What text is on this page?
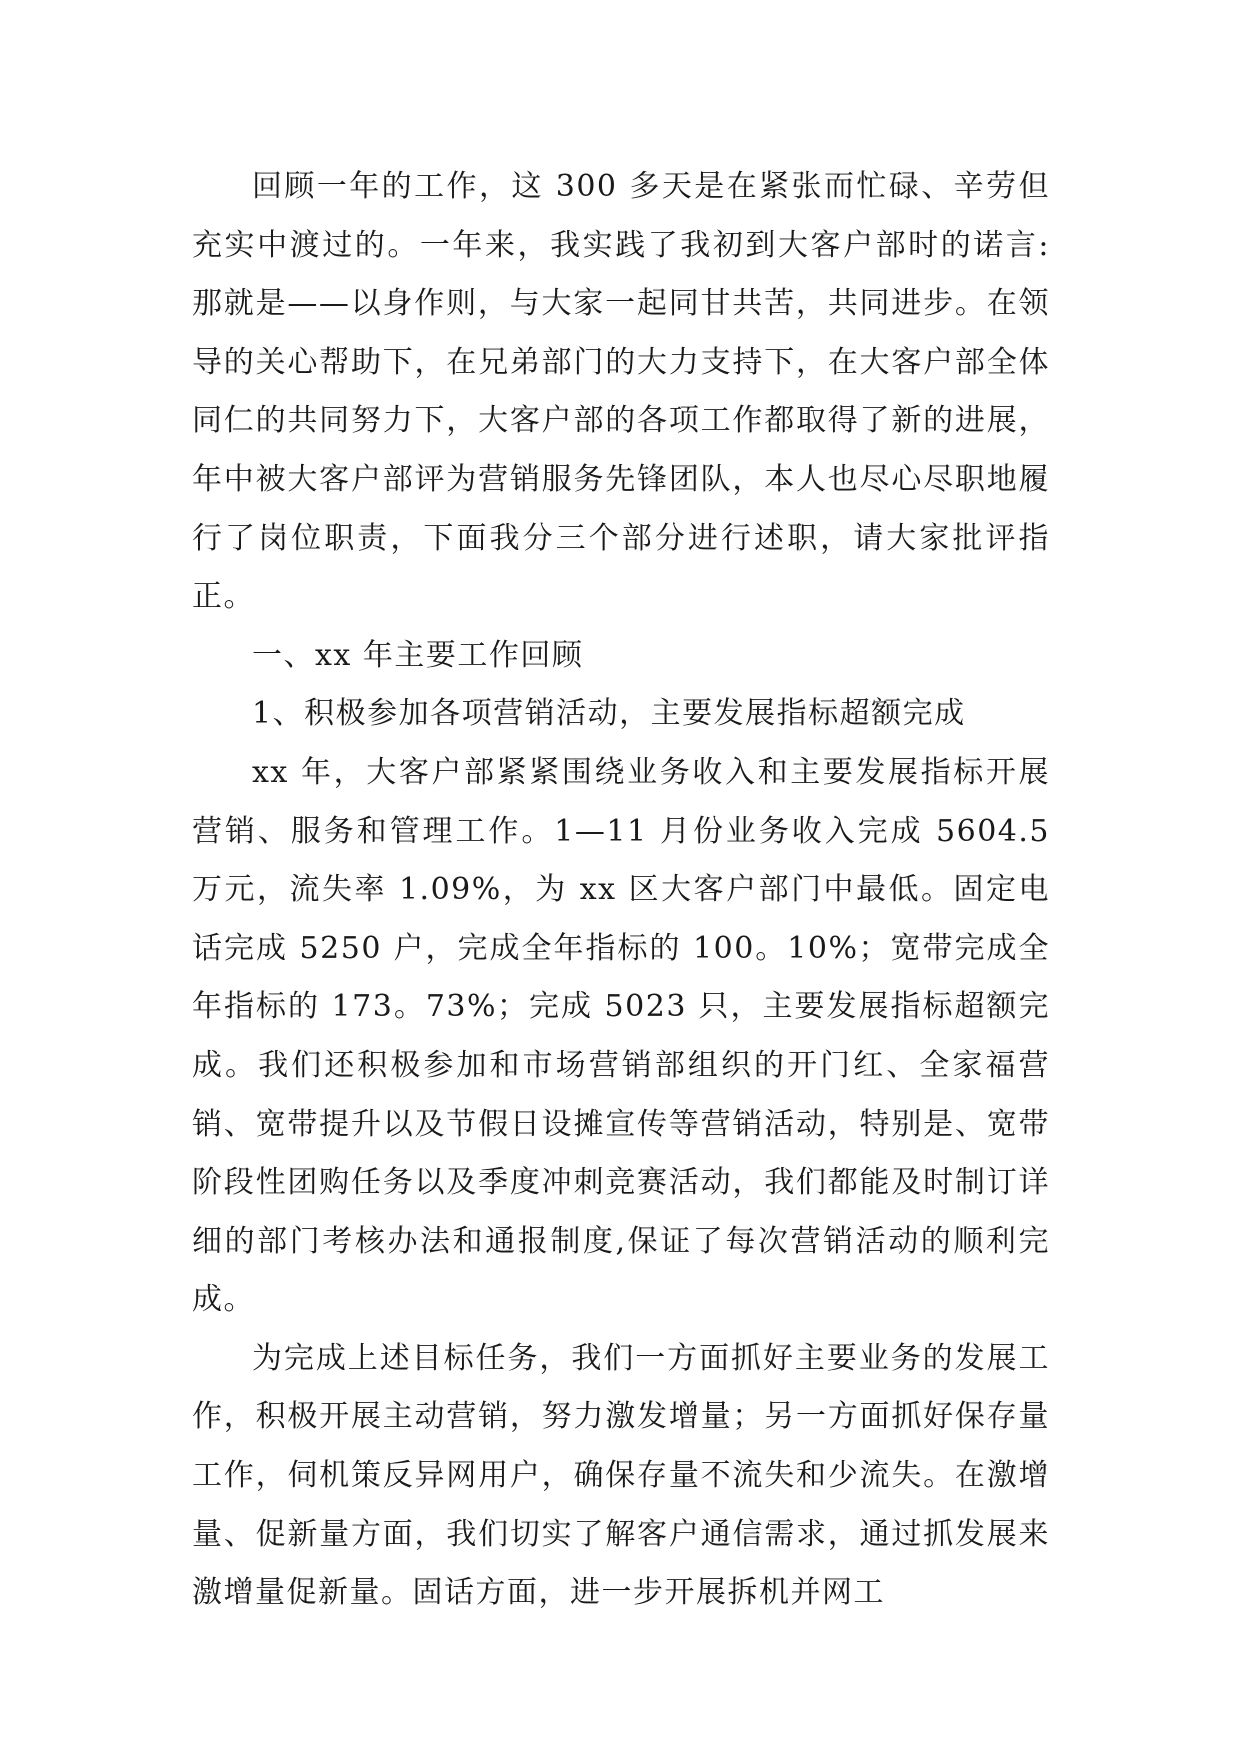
回顾一年的工作，这 300 多天是在紧张而忙碌、辛劳但充实中渡过的。一年来，我实践了我初到大客户部时的诺言:那就是——以身作则，与大家一起同甘共苦，共同进步。在领导的关心帮助下，在兄弟部门的大力支持下，在大客户部全体同仁的共同努力下，大客户部的各项工作都取得了新的进展，年中被大客户部评为营销服务先锋团队，本人也尽心尽职地履行了岗位职责，下面我分三个部分进行述职，请大家批评指正。

一、xx 年主要工作回顾

1、积极参加各项营销活动，主要发展指标超额完成

xx 年，大客户部紧紧围绕业务收入和主要发展指标开展营销、服务和管理工作。1—11 月份业务收入完成 5604.5 万元，流失率 1.09%，为 xx 区大客户部门中最低。固定电话完成 5250 户，完成全年指标的 100。10%；宽带完成全年指标的 173。73%；完成 5023 只，主要发展指标超额完成。我们还积极参加和市场营销部组织的开门红、全家福营销、宽带提升以及节假日设摊宣传等营销活动，特别是、宽带阶段性团购任务以及季度冲刺竞赛活动，我们都能及时制订详细的部门考核办法和通报制度,保证了每次营销活动的顺利完成。

为完成上述目标任务，我们一方面抓好主要业务的发展工作，积极开展主动营销，努力激发增量；另一方面抓好保存量工作，伺机策反异网用户，确保存量不流失和少流失。在激增量、促新量方面，我们切实了解客户通信需求，通过抓发展来激增量促新量。固话方面，进一步开展拆机并网工
